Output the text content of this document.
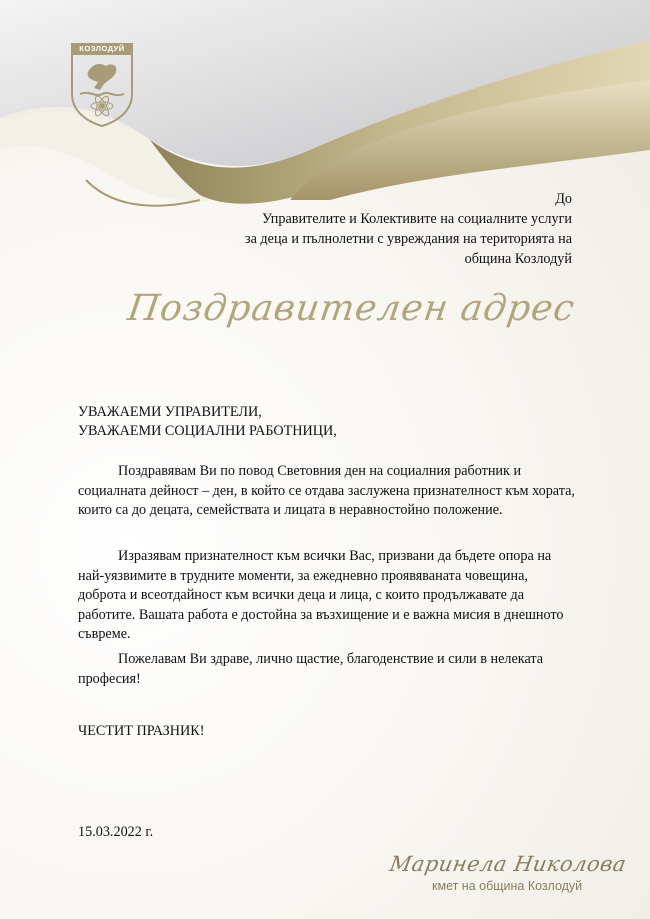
КОЗЛОДУЙ
До
Управителите и Колективите на социалните услуги
за деца и пълнолетни с увреждания на територията на
община Козлодуй
Поздравителен адрес
УВАЖАЕМИ УПРАВИТЕЛИ,
УВАЖАЕМИ СОЦИАЛНИ РАБОТНИЦИ,

Поздравявам Ви по повод Световния ден на социалния работник и социалната дейност – ден, в който се отдава заслужена признателност към хората, които са до децата, семействата и лицата в неравностойно положение.

Изразявам признателност към всички Вас, призвани да бъдете опора на най-уязвимите в трудните моменти, за ежедневно проявяваната човещина, доброта и всеотдайност към всички деца и лица, с които продължавате да работите. Вашата работа е достойна за възхищение и е важна мисия в днешното съвреме.

Пожелавам Ви здраве, лично щастие, благоденствие и сили в нелеката професия!

ЧЕСТИТ ПРАЗНИК!
15.03.2022 г.
Маринела Николова
кмет на община Козлодуй
